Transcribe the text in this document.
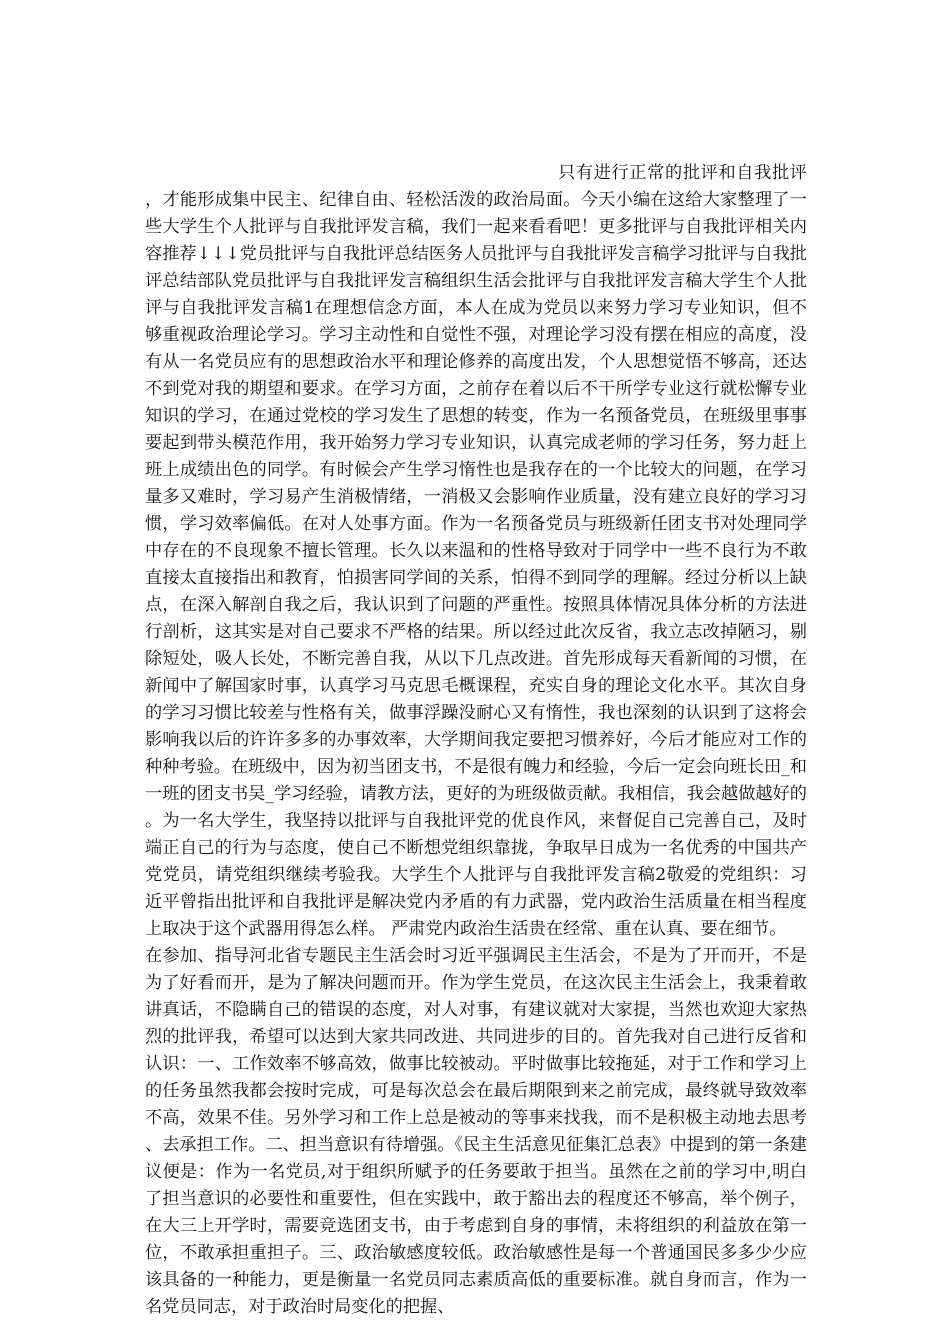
只有进行正常的批评和自我批评，才能形成集中民主、纪律自由、轻松活泼的政治局面。今天小编在这给大家整理了一些大学生个人批评与自我批评发言稿，我们一起来看看吧！更多批评与自我批评相关内容推荐↓↓↓党员批评与自我批评总结医务人员批评与自我批评发言稿学习批评与自我批评总结部队党员批评与自我批评发言稿组织生活会批评与自我批评发言稿大学生个人批评与自我批评发言稿1在理想信念方面，本人在成为党员以来努力学习专业知识，但不够重视政治理论学习。学习主动性和自觉性不强，对理论学习没有摆在相应的高度，没有从一名党员应有的思想政治水平和理论修养的高度出发，个人思想觉悟不够高，还达不到党对我的期望和要求。在学习方面，之前存在着以后不干所学专业这行就松懈专业知识的学习，在通过党校的学习发生了思想的转变，作为一名预备党员，在班级里事事要起到带头模范作用，我开始努力学习专业知识，认真完成老师的学习任务，努力赶上班上成绩出色的同学。有时候会产生学习惰性也是我存在的一个比较大的问题，在学习量多又难时，学习易产生消极情绪，一消极又会影响作业质量，没有建立良好的学习习惯，学习效率偏低。在对人处事方面。作为一名预备党员与班级新任团支书对处理同学中存在的不良现象不擅长管理。长久以来温和的性格导致对于同学中一些不良行为不敢直接太直接指出和教育，怕损害同学间的关系，怕得不到同学的理解。经过分析以上缺点，在深入解剖自我之后，我认识到了问题的严重性。按照具体情况具体分析的方法进行剖析，这其实是对自己要求不严格的结果。所以经过此次反省，我立志改掉陋习，剔除短处，吸人长处，不断完善自我，从以下几点改进。首先形成每天看新闻的习惯，在新闻中了解国家时事，认真学习马克思毛概课程，充实自身的理论文化水平。其次自身的学习习惯比较差与性格有关，做事浮躁没耐心又有惰性，我也深刻的认识到了这将会影响我以后的许许多多的办事效率，大学期间我定要把习惯养好，今后才能应对工作的种种考验。在班级中，因为初当团支书，不是很有魄力和经验，今后一定会向班长田_和一班的团支书吴_学习经验，请教方法，更好的为班级做贡献。我相信，我会越做越好的。为一名大学生，我坚持以批评与自我批评党的优良作风，来督促自己完善自己，及时端正自己的行为与态度，使自己不断想党组织靠拢，争取早日成为一名优秀的中国共产党党员，请党组织继续考验我。大学生个人批评与自我批评发言稿2敬爱的党组织：习近平曾指出批评和自我批评是解决党内矛盾的有力武器，党内政治生活质量在相当程度上取决于这个武器用得怎么样。 严肃党内政治生活贵在经常、重在认真、要在细节。

在参加、指导河北省专题民主生活会时习近平强调民主生活会，不是为了开而开，不是为了好看而开，是为了解决问题而开。作为学生党员，在这次民主生活会上，我秉着敢讲真话，不隐瞒自己的错误的态度，对人对事，有建议就对大家提，当然也欢迎大家热烈的批评我，希望可以达到大家共同改进、共同进步的目的。首先我对自己进行反省和认识：一、工作效率不够高效，做事比较被动。平时做事比较拖延，对于工作和学习上的任务虽然我都会按时完成，可是每次总会在最后期限到来之前完成，最终就导致效率不高，效果不佳。另外学习和工作上总是被动的等事来找我，而不是积极主动地去思考、去承担工作。二、担当意识有待增强。《民主生活意见征集汇总表》中提到的第一条建议便是：作为一名党员,对于组织所赋予的任务要敢于担当。虽然在之前的学习中,明白了担当意识的必要性和重要性，但在实践中，敢于豁出去的程度还不够高，举个例子，在大三上开学时，需要竞选团支书，由于考虑到自身的事情，未将组织的利益放在第一位，不敢承担重担子。三、政治敏感度较低。政治敏感性是每一个普通国民多多少少应该具备的一种能力，更是衡量一名党员同志素质高低的重要标准。就自身而言，作为一名党员同志，对于政治时局变化的把握、
